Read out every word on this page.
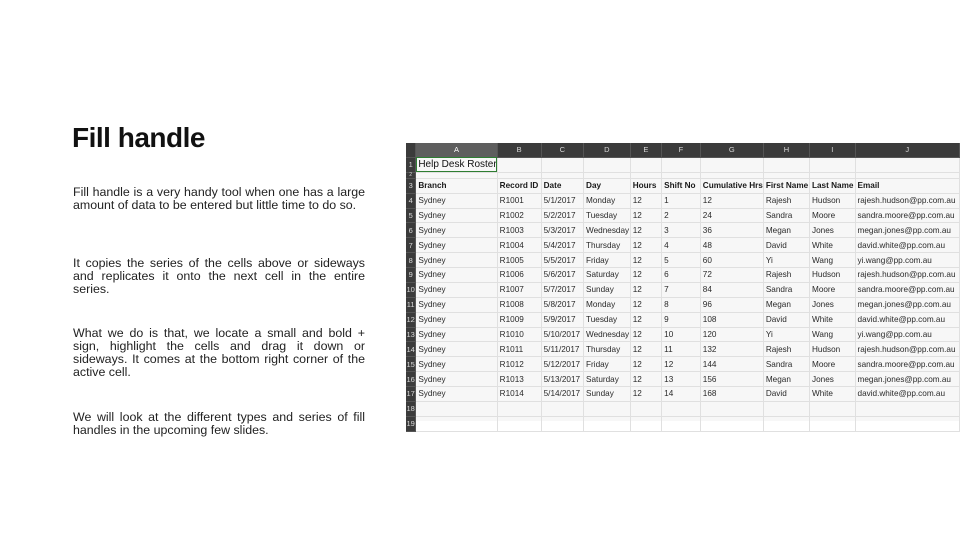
Fill handle
Fill handle is a very handy tool when one has a large amount of data to be entered but little time to do so.
It copies the series of the cells above or sideways and replicates it onto the next cell in the entire series.
What we do is that, we locate a small and bold + sign, highlight the cells and drag it down or sideways. It comes at the bottom right corner of the active cell.
We will look at the different types and series of fill handles in the upcoming few slides.
	A	B	C	D	E	F	G	H	I	J
1	Help Desk Roster									
2										
3	Branch	Record ID	Date	Day	Hours	Shift No	Cumulative Hrs	First Name	Last Name	Email
4	Sydney	R1001	5/1/2017	Monday	12	1	12	Rajesh	Hudson	rajesh.hudson@pp.com.au
5	Sydney	R1002	5/2/2017	Tuesday	12	2	24	Sandra	Moore	sandra.moore@pp.com.au
6	Sydney	R1003	5/3/2017	Wednesday	12	3	36	Megan	Jones	megan.jones@pp.com.au
7	Sydney	R1004	5/4/2017	Thursday	12	4	48	David	White	david.white@pp.com.au
8	Sydney	R1005	5/5/2017	Friday	12	5	60	Yi	Wang	yi.wang@pp.com.au
9	Sydney	R1006	5/6/2017	Saturday	12	6	72	Rajesh	Hudson	rajesh.hudson@pp.com.au
10	Sydney	R1007	5/7/2017	Sunday	12	7	84	Sandra	Moore	sandra.moore@pp.com.au
11	Sydney	R1008	5/8/2017	Monday	12	8	96	Megan	Jones	megan.jones@pp.com.au
12	Sydney	R1009	5/9/2017	Tuesday	12	9	108	David	White	david.white@pp.com.au
13	Sydney	R1010	5/10/2017	Wednesday	12	10	120	Yi	Wang	yi.wang@pp.com.au
14	Sydney	R1011	5/11/2017	Thursday	12	11	132	Rajesh	Hudson	rajesh.hudson@pp.com.au
15	Sydney	R1012	5/12/2017	Friday	12	12	144	Sandra	Moore	sandra.moore@pp.com.au
16	Sydney	R1013	5/13/2017	Saturday	12	13	156	Megan	Jones	megan.jones@pp.com.au
17	Sydney	R1014	5/14/2017	Sunday	12	14	168	David	White	david.white@pp.com.au
18										
19										
